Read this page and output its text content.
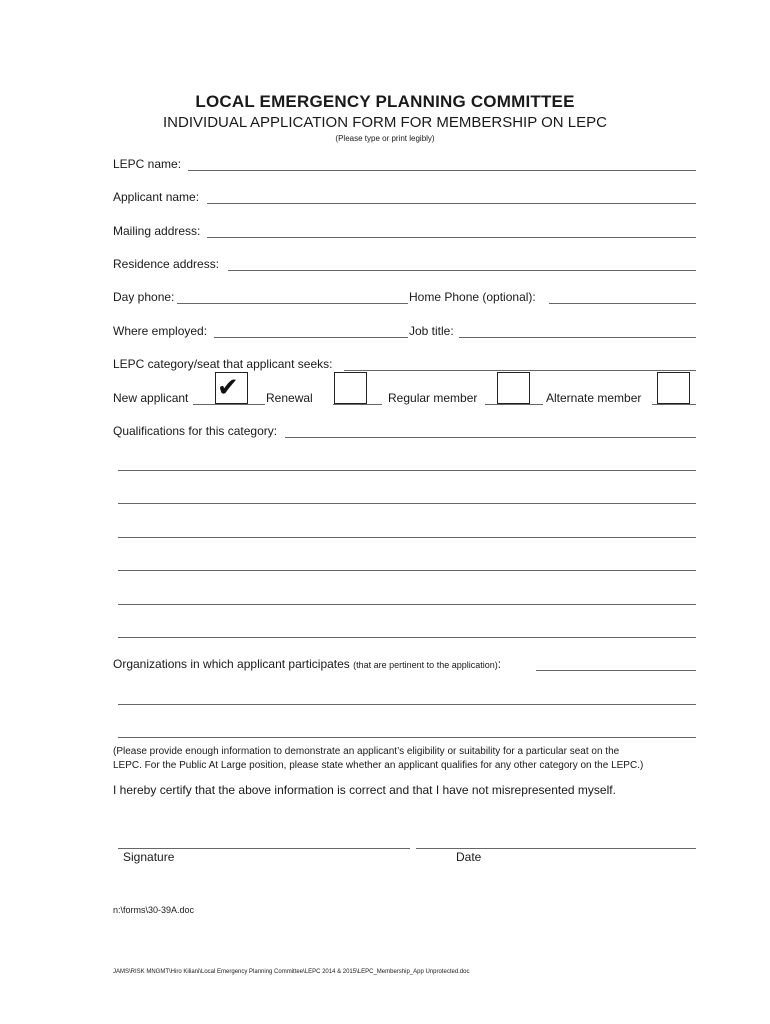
LOCAL EMERGENCY PLANNING COMMITTEE
INDIVIDUAL APPLICATION FORM FOR MEMBERSHIP ON LEPC
(Please type or print legibly)
LEPC name:
Applicant name:
Mailing address:
Residence address:
Day phone:	Home Phone (optional):
Where employed:	Job title:
LEPC category/seat that applicant seeks:
New applicant ✔ Renewal	Regular member	Alternate member
Qualifications for this category:
Organizations in which applicant participates (that are pertinent to the application):
(Please provide enough information to demonstrate an applicant’s eligibility or suitability for a particular seat on the
LEPC. For the Public At Large position, please state whether an applicant qualifies for any other category on the LEPC.)
I hereby certify that the above information is correct and that I have not misrepresented myself.
Signature	Date
n:\forms\30-39A.doc
JAMS\RISK MNGMT\Hiro Kiliani\Local Emergency Planning Committee\LEPC 2014 & 2015\LEPC_Membership_App Unprotected.doc
